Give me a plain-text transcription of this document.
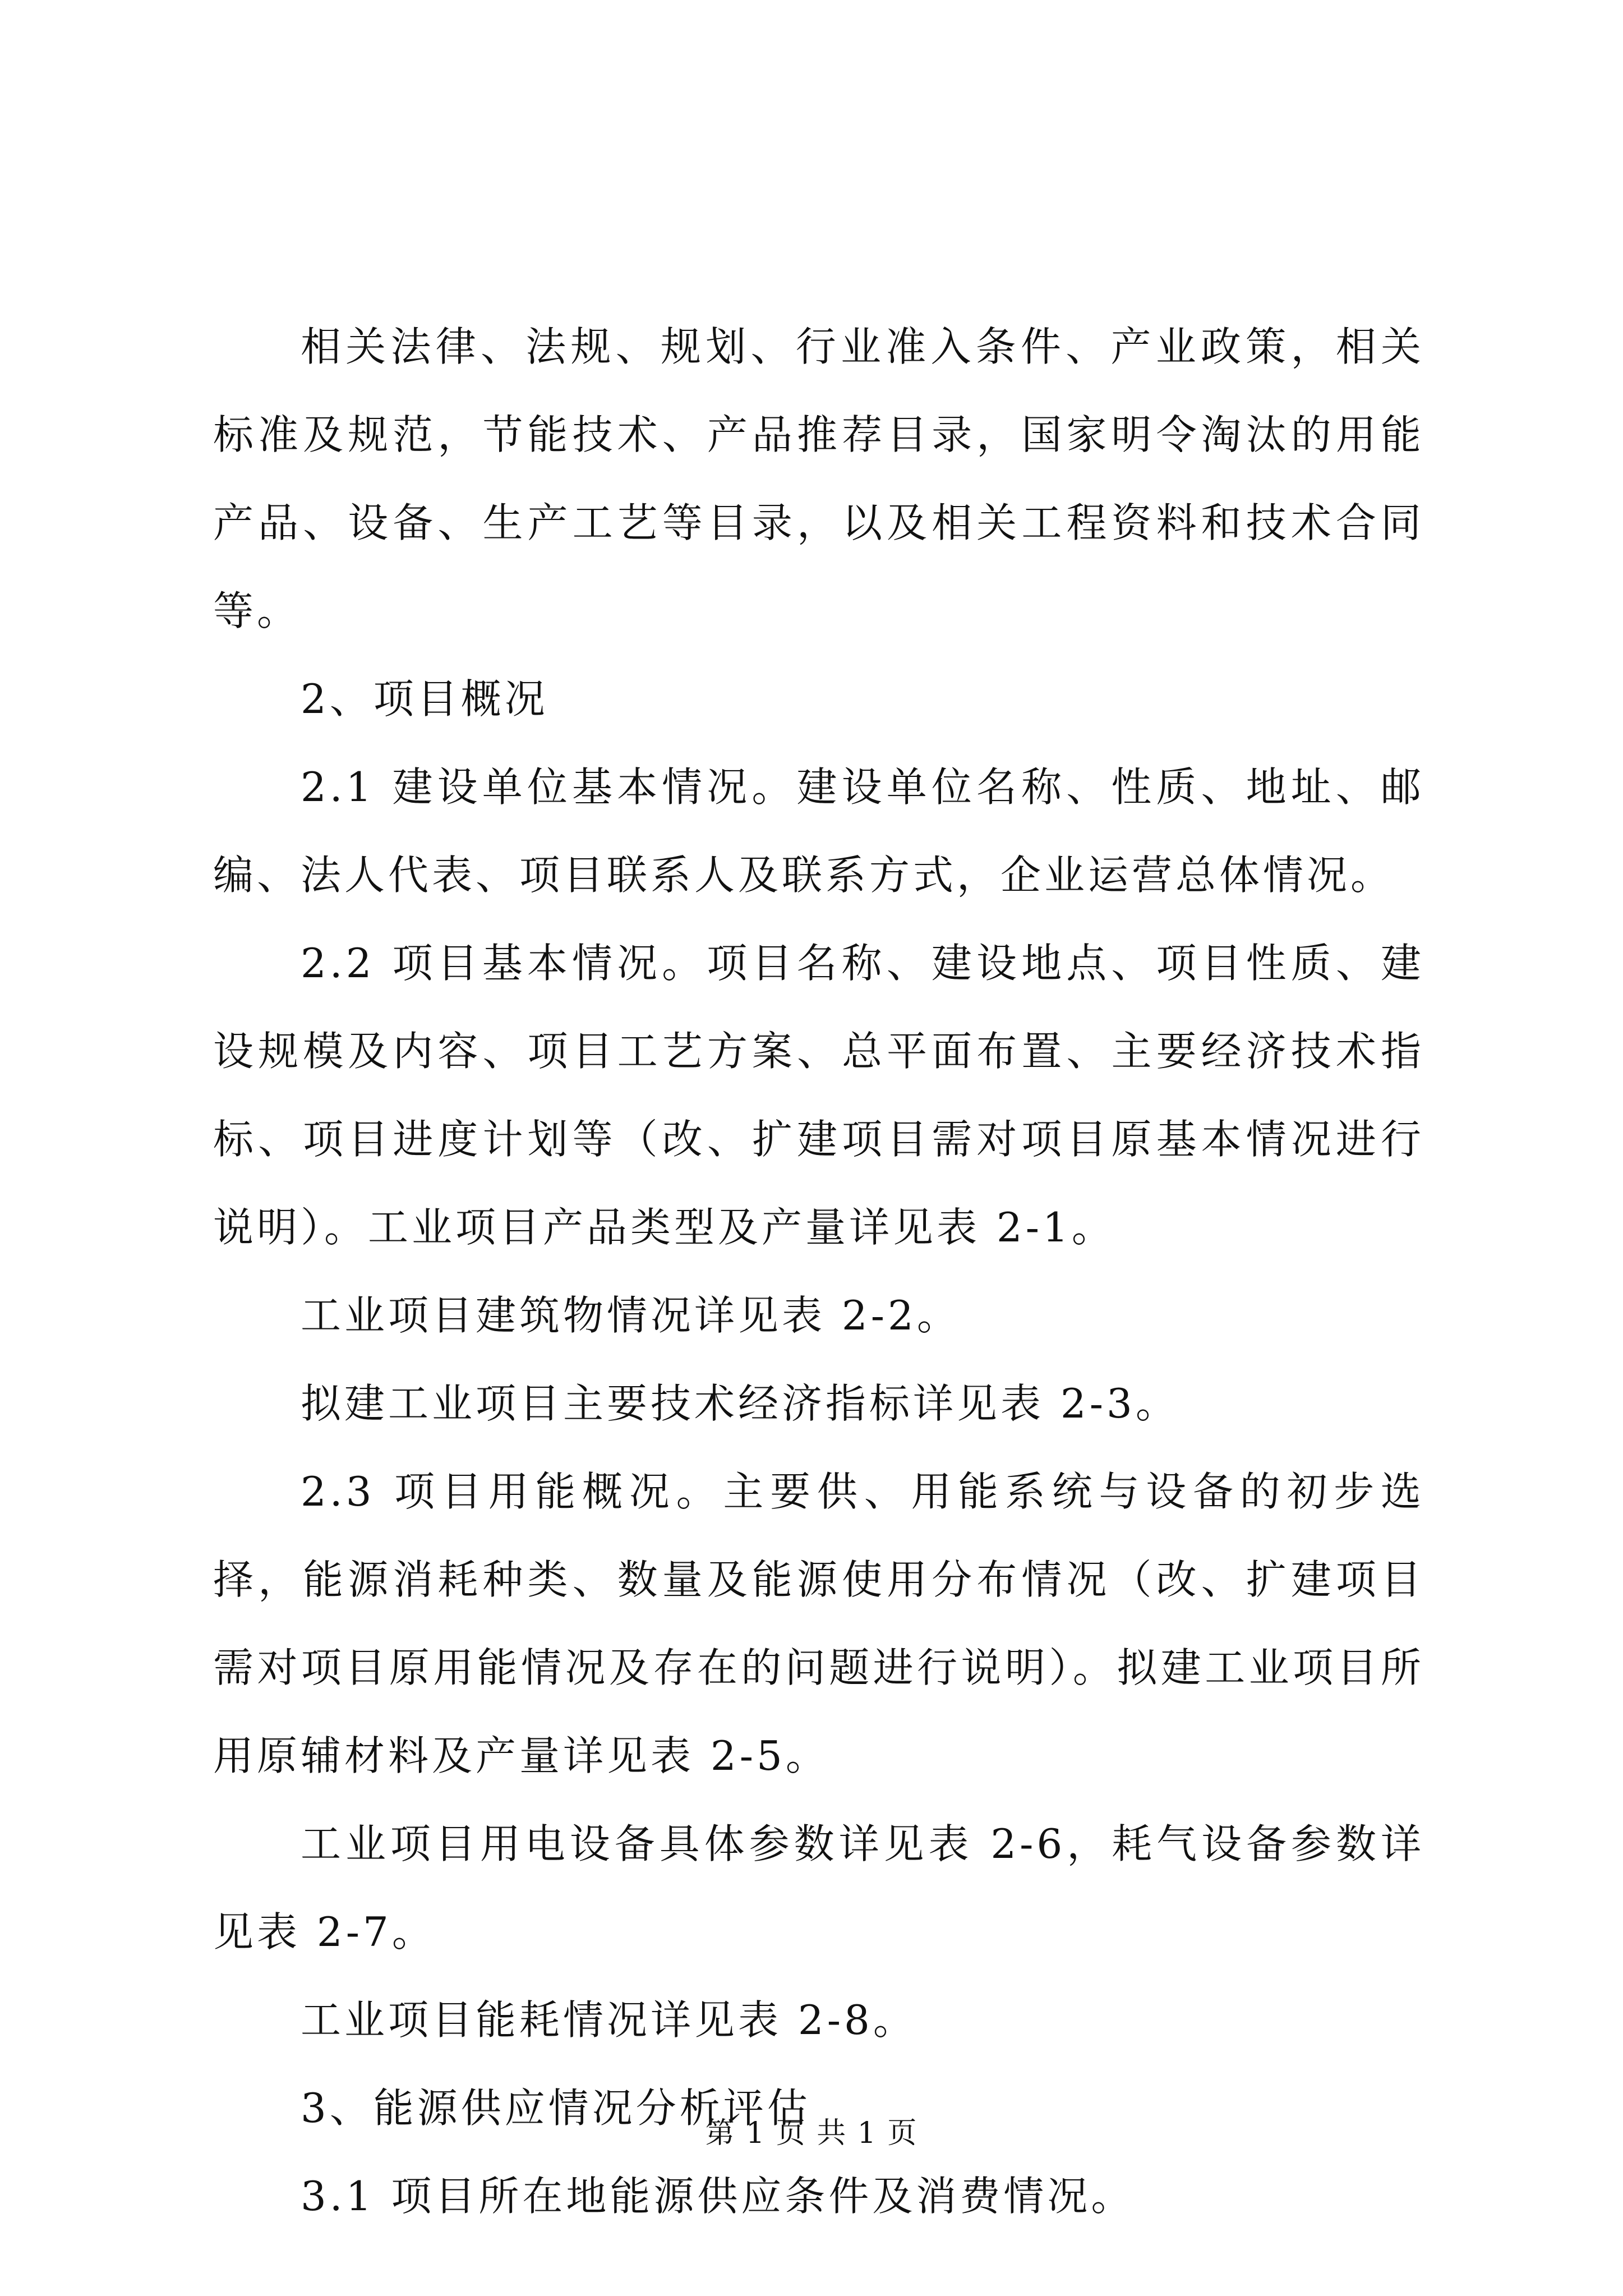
相关法律、法规、规划、行业准入条件、产业政策，相关标准及规范，节能技术、产品推荐目录，国家明令淘汰的用能产品、设备、生产工艺等目录，以及相关工程资料和技术合同等。

2、项目概况

2.1 建设单位基本情况。建设单位名称、性质、地址、邮编、法人代表、项目联系人及联系方式，企业运营总体情况。

2.2 项目基本情况。项目名称、建设地点、项目性质、建设规模及内容、项目工艺方案、总平面布置、主要经济技术指标、项目进度计划等（改、扩建项目需对项目原基本情况进行说明）。工业项目产品类型及产量详见表 2-1。

工业项目建筑物情况详见表 2-2。

拟建工业项目主要技术经济指标详见表 2-3。

2.3 项目用能概况。主要供、用能系统与设备的初步选择，能源消耗种类、数量及能源使用分布情况（改、扩建项目需对项目原用能情况及存在的问题进行说明）。拟建工业项目所用原辅材料及产量详见表 2-5。

工业项目用电设备具体参数详见表 2-6，耗气设备参数详见表 2-7。

工业项目能耗情况详见表 2-8。

3、能源供应情况分析评估

3.1 项目所在地能源供应条件及消费情况。

第 1 页 共 1 页
